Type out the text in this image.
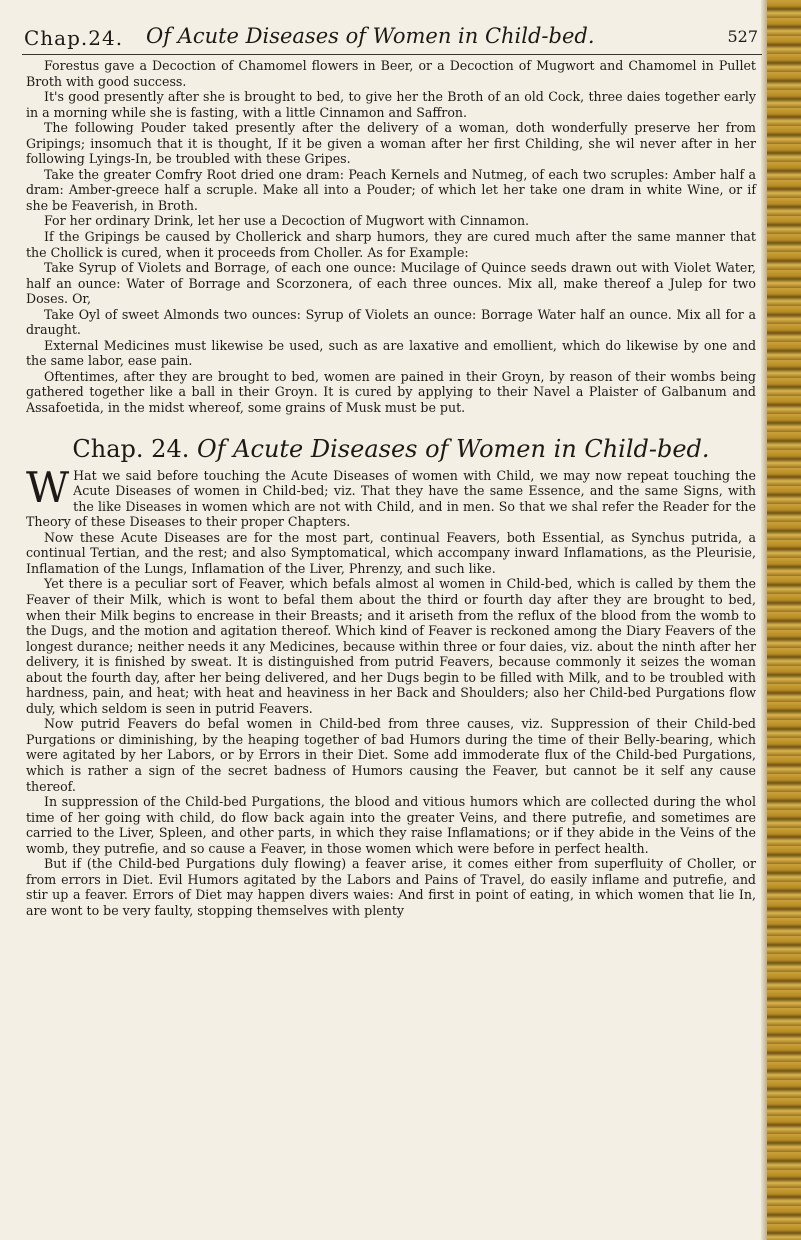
Chap.24. Of Acute Diseases of Women in Child-bed.	527

Forestus gave a Decoction of Chamomel flowers in Beer, or a Decoction of Mugwort and Chamomel in Pullet Broth with good success.

It's good presently after she is brought to bed, to give her the Broth of an old Cock, three daies together early in a morning while she is fasting, with a little Cinnamon and Saffron.

The following Pouder taked presently after the delivery of a woman, doth wonderfully preserve her from Gripings; insomuch that it is thought, If it be given a woman after her first Childing, she wil never after in her following Lyings-In, be troubled with these Gripes.

Take the greater Comfry Root dried one dram: Peach Kernels and Nutmeg, of each two scruples: Amber half a dram: Amber-greece half a scruple. Make all into a Pouder; of which let her take one dram in white Wine, or if she be Feaverish, in Broth.

For her ordinary Drink, let her use a Decoction of Mugwort with Cinnamon.

If the Gripings be caused by Chollerick and sharp humors, they are cured much after the same manner that the Chollick is cured, when it proceeds from Choller. As for Example:

Take Syrup of Violets and Borrage, of each one ounce: Mucilage of Quince seeds drawn out with Violet Water, half an ounce: Water of Borrage and Scorzonera, of each three ounces. Mix all, make thereof a Julep for two Doses. Or,

Take Oyl of sweet Almonds two ounces: Syrup of Violets an ounce: Borrage Water half an ounce. Mix all for a draught.

External Medicines must likewise be used, such as are laxative and emollient, which do likewise by one and the same labor, ease pain.

Oftentimes, after they are brought to bed, women are pained in their Groyn, by reason of their wombs being gathered together like a ball in their Groyn. It is cured by applying to their Navel a Plaister of Galbanum and Assafoetida, in the midst whereof, some grains of Musk must be put.

Chap. 24. Of Acute Diseases of Women in Child-bed.

W Hat we said before touching the Acute Diseases of women with Child, we may now repeat touching the Acute Diseases of women in Child-bed; viz. That they have the same Essence, and the same Signs, with the like Diseases in women which are not with Child, and in men. So that we shal refer the Reader for the Theory of these Diseases to their proper Chapters.

Now these Acute Diseases are for the most part, continual Feavers, both Essential, as Synchus putrida, a continual Tertian, and the rest; and also Symptomatical, which accompany inward Inflamations, as the Pleurisie, Inflamation of the Lungs, Inflamation of the Liver, Phrenzy, and such like.

Yet there is a peculiar sort of Feaver, which befals almost al women in Child-bed, which is called by them the Feaver of their Milk, which is wont to befal them about the third or fourth day after they are brought to bed, when their Milk begins to encrease in their Breasts; and it ariseth from the reflux of the blood from the womb to the Dugs, and the motion and agitation thereof. Which kind of Feaver is reckoned among the Diary Feavers of the longest durance; neither needs it any Medicines, because within three or four daies, viz. about the ninth after her delivery, it is finished by sweat. It is distinguished from putrid Feavers, because commonly it seizes the woman about the fourth day, after her being delivered, and her Dugs begin to be filled with Milk, and to be troubled with hardness, pain, and heat; with heat and heaviness in her Back and Shoulders; also her Child-bed Purgations flow duly, which seldom is seen in putrid Feavers.

Now putrid Feavers do befal women in Child-bed from three causes, viz. Suppression of their Child-bed Purgations or diminishing, by the heaping together of bad Humors during the time of their Belly-bearing, which were agitated by her Labors, or by Errors in their Diet. Some add immoderate flux of the Child-bed Purgations, which is rather a sign of the secret badness of Humors causing the Feaver, but cannot be it self any cause thereof.

In suppression of the Child-bed Purgations, the blood and vitious humors which are collected during the whol time of her going with child, do flow back again into the greater Veins, and there putrefie, and sometimes are carried to the Liver, Spleen, and other parts, in which they raise Inflamations; or if they abide in the Veins of the womb, they putrefie, and so cause a Feaver, in those women which were before in perfect health.

But if (the Child-bed Purgations duly flowing) a feaver arise, it comes either from superfluity of Choller, or from errors in Diet. Evil Humors agitated by the Labors and Pains of Travel, do easily inflame and putrefie, and stir up a feaver. Errors of Diet may happen divers waies: And first in point of eating, in which women that lie In, are wont to be very faulty, stopping themselves with plenty
